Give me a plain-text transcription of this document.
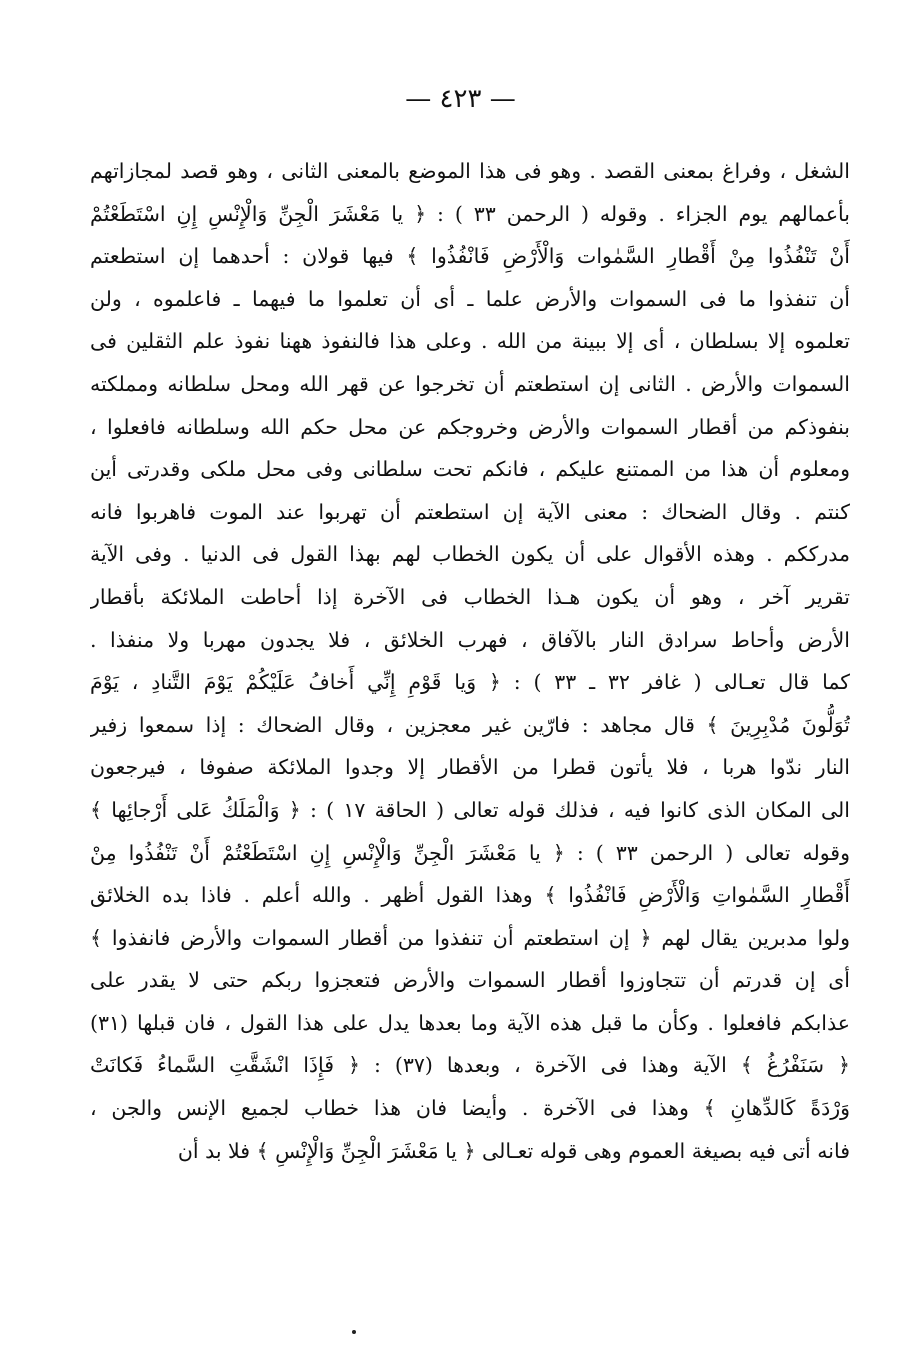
— ٤٢٣ —
الشغل ، وفراغ بمعنى القصد . وهو فى هذا الموضع بالمعنى الثانى ، وهو قصد لمجازاتهم
بأعمالهم يوم الجزاء . وقوله ( الرحمن ٣٣ ) : ﴿ يا مَعْشَرَ الْجِنِّ وَالْإِنْسِ إِنِ اسْتَطَعْتُمْ
أَنْ تَنْفُذُوا مِنْ أَقْطارِ السَّمٰوات وَالْأَرْضِ فَانْفُذُوا ﴾ فيها قولان : أحدهما إن استطعتم
أن تنفذوا ما فى السموات والأرض علما ـ أى أن تعلموا ما فيهما ـ فاعلموه ، ولن
تعلموه إلا بسلطان ، أى إلا ببينة من الله . وعلى هذا فالنفوذ ههنا نفوذ علم الثقلين فى
السموات والأرض . الثانى إن استطعتم أن تخرجوا عن قهر الله ومحل سلطانه ومملكته
بنفوذكم من أقطار السموات والأرض وخروجكم عن محل حكم الله وسلطانه فافعلوا ،
ومعلوم أن هذا من الممتنع عليكم ، فانكم تحت سلطانى وفى محل ملكى وقدرتى أين
كنتم . وقال الضحاك : معنى الآية إن استطعتم أن تهربوا عند الموت فاهربوا فانه
مدرككم . وهذه الأقوال على أن يكون الخطاب لهم بهذا القول فى الدنيا . وفى الآية
تقرير آخر ، وهو أن يكون هـذا الخطاب فى الآخرة إذا أحاطت الملائكة بأقطار
الأرض وأحاط سرادق النار بالآفاق ، فهرب الخلائق ، فلا يجدون مهربا ولا منفذا .
كما قال تعـالى ( غافر ٣٢ ـ ٣٣ ) : ﴿ وَيا قَوْمِ إِنِّي أَخافُ عَلَيْكُمْ يَوْمَ التَّنادِ ، يَوْمَ
تُوَلُّونَ مُدْبِرِينَ ﴾ قال مجاهد : فارّين غير معجزين ، وقال الضحاك : إذا سمعوا زفير
النار ندّوا هربا ، فلا يأتون قطرا من الأقطار إلا وجدوا الملائكة صفوفا ، فيرجعون
الى المكان الذى كانوا فيه ، فذلك قوله تعالى ( الحاقة ١٧ ) : ﴿ وَالْمَلَكُ عَلى أَرْجائِها ﴾
وقوله تعالى ( الرحمن ٣٣ ) : ﴿ يا مَعْشَرَ الْجِنِّ وَالْإِنْسِ إِنِ اسْتَطَعْتُمْ أَنْ تَنْفُذُوا مِنْ
أَقْطارِ السَّمٰواتِ وَالْأَرْضِ فَانْفُذُوا ﴾ وهذا القول أظهر . والله أعلم . فاذا بده الخلائق
ولوا مدبرين يقال لهم ﴿ إن استطعتم أن تنفذوا من أقطار السموات والأرض فانفذوا ﴾
أى إن قدرتم أن تتجاوزوا أقطار السموات والأرض فتعجزوا ربكم حتى لا يقدر على
عذابكم فافعلوا . وكأن ما قبل هذه الآية وما بعدها يدل على هذا القول ، فان قبلها (٣١)
﴿ سَنَفْرُغُ ﴾ الآية وهذا فى الآخرة ، وبعدها (٣٧) : ﴿ فَإِذَا انْشَقَّتِ السَّماءُ فَكانَتْ
وَرْدَةً كَالدِّهانِ ﴾ وهذا فى الآخرة . وأيضا فان هذا خطاب لجميع الإنس والجن ،
فانه أتى فيه بصيغة العموم وهى قوله تعـالى ﴿ يا مَعْشَرَ الْجِنِّ وَالْإِنْسِ ﴾ فلا بد أن
